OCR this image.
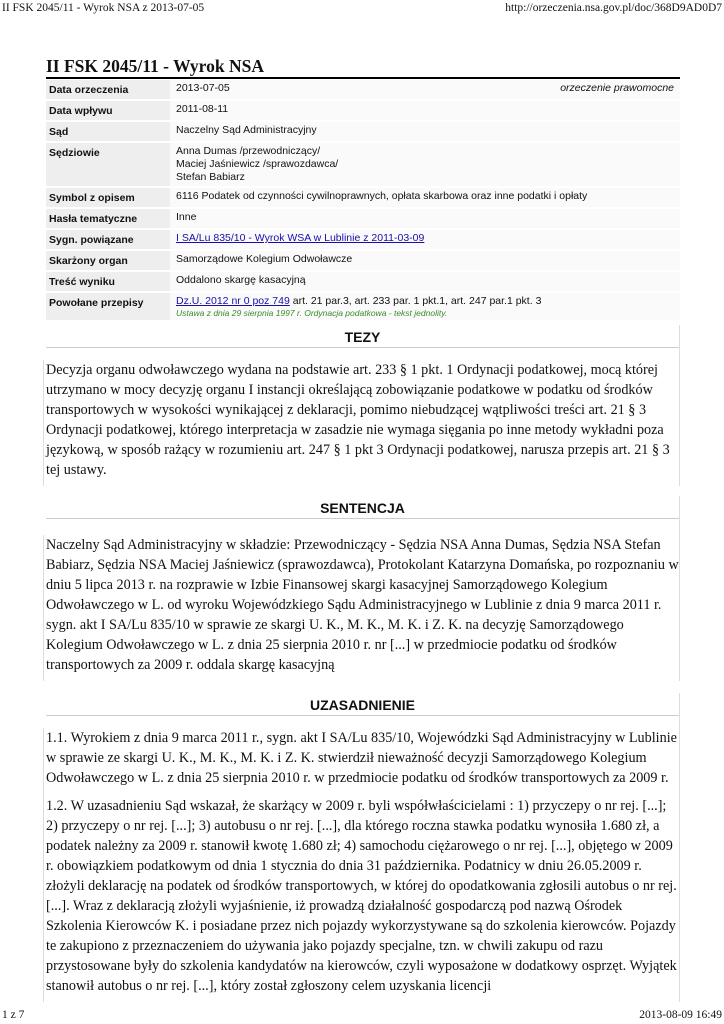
II FSK 2045/11 - Wyrok NSA z 2013-07-05	http://orzeczenia.nsa.gov.pl/doc/368D9AD0D7
II FSK 2045/11 - Wyrok NSA
Data orzeczenia	2013-07-05 orzeczenie prawomocne

Data wpływu	2011-08-11
Sąd	Naczelny Sąd Administracyjny
Sędziowie	Anna Dumas /przewodniczący/
Maciej Jaśniewicz /sprawozdawca/
Stefan Babiarz

Symbol z opisem	6116 Podatek od czynności cywilnoprawnych, opłata skarbowa oraz inne podatki i opłaty
Hasła tematyczne	Inne
Sygn. powiązane	I SA/Lu 835/10 - Wyrok WSA w Lublinie z 2011-03-09
Skarżony organ	Samorządowe Kolegium Odwoławcze
Treść wyniku	Oddalono skargę kasacyjną
Powołane przepisy	Dz.U. 2012 nr 0 poz 749 art. 21 par.3, art. 233 par. 1 pkt.1, art. 247 par.1 pkt. 3
Ustawa z dnia 29 sierpnia 1997 r. Ordynacja podatkowa - tekst jednolity.
TEZY

Decyzja organu odwoławczego wydana na podstawie art. 233 § 1 pkt. 1 Ordynacji podatkowej, mocą której utrzymano w mocy decyzję organu I instancji określającą zobowiązanie podatkowe w podatku od środków transportowych w wysokości wynikającej z deklaracji, pomimo niebudzącej wątpliwości treści art. 21 § 3 Ordynacji podatkowej, którego interpretacja w zasadzie nie wymaga sięgania po inne metody wykładni poza językową, w sposób rażący w rozumieniu art. 247 § 1 pkt 3 Ordynacji podatkowej, narusza przepis art. 21 § 3 tej ustawy.

SENTENCJA

Naczelny Sąd Administracyjny w składzie: Przewodniczący - Sędzia NSA Anna Dumas, Sędzia NSA Stefan Babiarz, Sędzia NSA Maciej Jaśniewicz (sprawozdawca), Protokolant Katarzyna Domańska, po rozpoznaniu w dniu 5 lipca 2013 r. na rozprawie w Izbie Finansowej skargi kasacyjnej Samorządowego Kolegium Odwoławczego w L. od wyroku Wojewódzkiego Sądu Administracyjnego w Lublinie z dnia 9 marca 2011 r. sygn. akt I SA/Lu 835/10 w sprawie ze skargi U. K., M. K., M. K. i Z. K. na decyzję Samorządowego Kolegium Odwoławczego w L. z dnia 25 sierpnia 2010 r. nr [...] w przedmiocie podatku od środków transportowych za 2009 r. oddala skargę kasacyjną

UZASADNIENIE

1.1. Wyrokiem z dnia 9 marca 2011 r., sygn. akt I SA/Lu 835/10, Wojewódzki Sąd Administracyjny w Lublinie w sprawie ze skargi U. K., M. K., M. K. i Z. K. stwierdził nieważność decyzji Samorządowego Kolegium Odwoławczego w L. z dnia 25 sierpnia 2010 r. w przedmiocie podatku od środków transportowych za 2009 r.

1.2. W uzasadnieniu Sąd wskazał, że skarżący w 2009 r. byli współwłaścicielami : 1) przyczepy o nr rej. [...]; 2) przyczepy o nr rej. [...]; 3) autobusu o nr rej. [...], dla którego roczna stawka podatku wynosiła 1.680 zł, a podatek należny za 2009 r. stanowił kwotę 1.680 zł; 4) samochodu ciężarowego o nr rej. [...], objętego w 2009 r. obowiązkiem podatkowym od dnia 1 stycznia do dnia 31 października. Podatnicy w dniu 26.05.2009 r. złożyli deklarację na podatek od środków transportowych, w której do opodatkowania zgłosili autobus o nr rej. [...]. Wraz z deklaracją złożyli wyjaśnienie, iż prowadzą działalność gospodarczą pod nazwą Ośrodek Szkolenia Kierowców K. i posiadane przez nich pojazdy wykorzystywane są do szkolenia kierowców. Pojazdy te zakupiono z przeznaczeniem do używania jako pojazdy specjalne, tzn. w chwili zakupu od razu przystosowane były do szkolenia kandydatów na kierowców, czyli wyposażone w dodatkowy osprzęt. Wyjątek stanowił autobus o nr rej. [...], który został zgłoszony celem uzyskania licencji

1 z 7	2013-08-09 16:49
